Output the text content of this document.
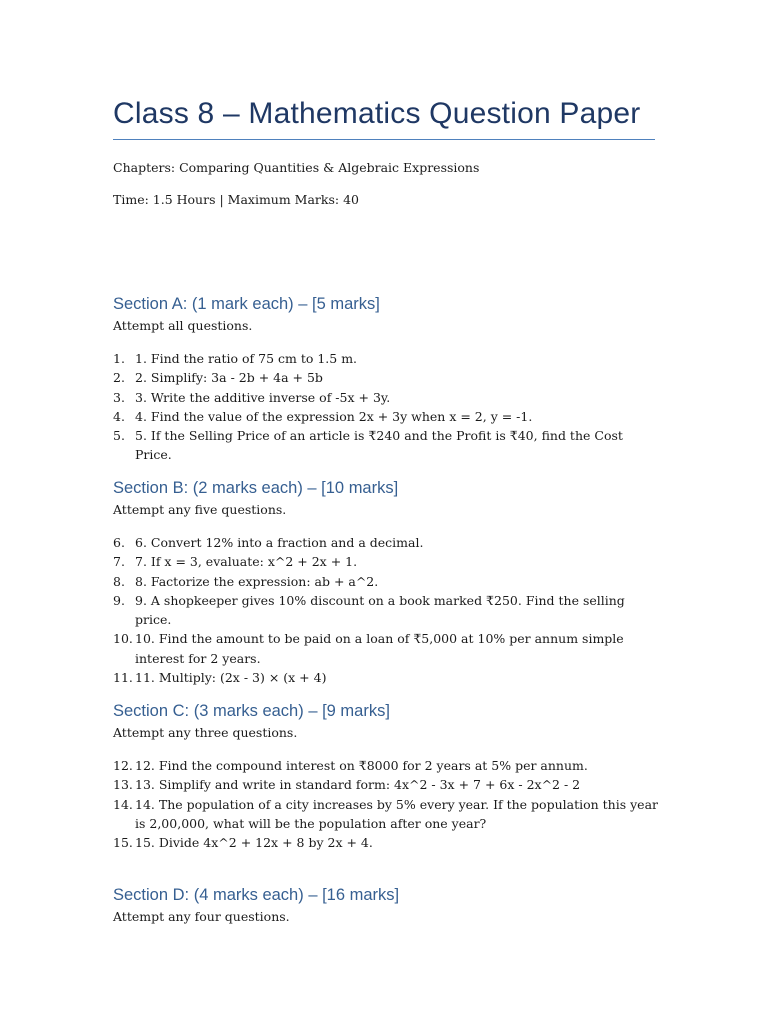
Class 8 – Mathematics Question Paper
Chapters: Comparing Quantities & Algebraic Expressions
Time: 1.5 Hours | Maximum Marks: 40
Section A: (1 mark each) – [5 marks]
Attempt all questions.
1. 1. Find the ratio of 75 cm to 1.5 m.
2. 2. Simplify: 3a - 2b + 4a + 5b
3. 3. Write the additive inverse of -5x + 3y.
4. 4. Find the value of the expression 2x + 3y when x = 2, y = -1.
5. 5. If the Selling Price of an article is ₹240 and the Profit is ₹40, find the Cost Price.
Section B: (2 marks each) – [10 marks]
Attempt any five questions.
6. 6. Convert 12% into a fraction and a decimal.
7. 7. If x = 3, evaluate: x^2 + 2x + 1.
8. 8. Factorize the expression: ab + a^2.
9. 9. A shopkeeper gives 10% discount on a book marked ₹250. Find the selling price.
10. 10. Find the amount to be paid on a loan of ₹5,000 at 10% per annum simple interest for 2 years.
11. 11. Multiply: (2x - 3) × (x + 4)
Section C: (3 marks each) – [9 marks]
Attempt any three questions.
12. 12. Find the compound interest on ₹8000 for 2 years at 5% per annum.
13. 13. Simplify and write in standard form: 4x^2 - 3x + 7 + 6x - 2x^2 - 2
14. 14. The population of a city increases by 5% every year. If the population this year is 2,00,000, what will be the population after one year?
15. 15. Divide 4x^2 + 12x + 8 by 2x + 4.
Section D: (4 marks each) – [16 marks]
Attempt any four questions.
